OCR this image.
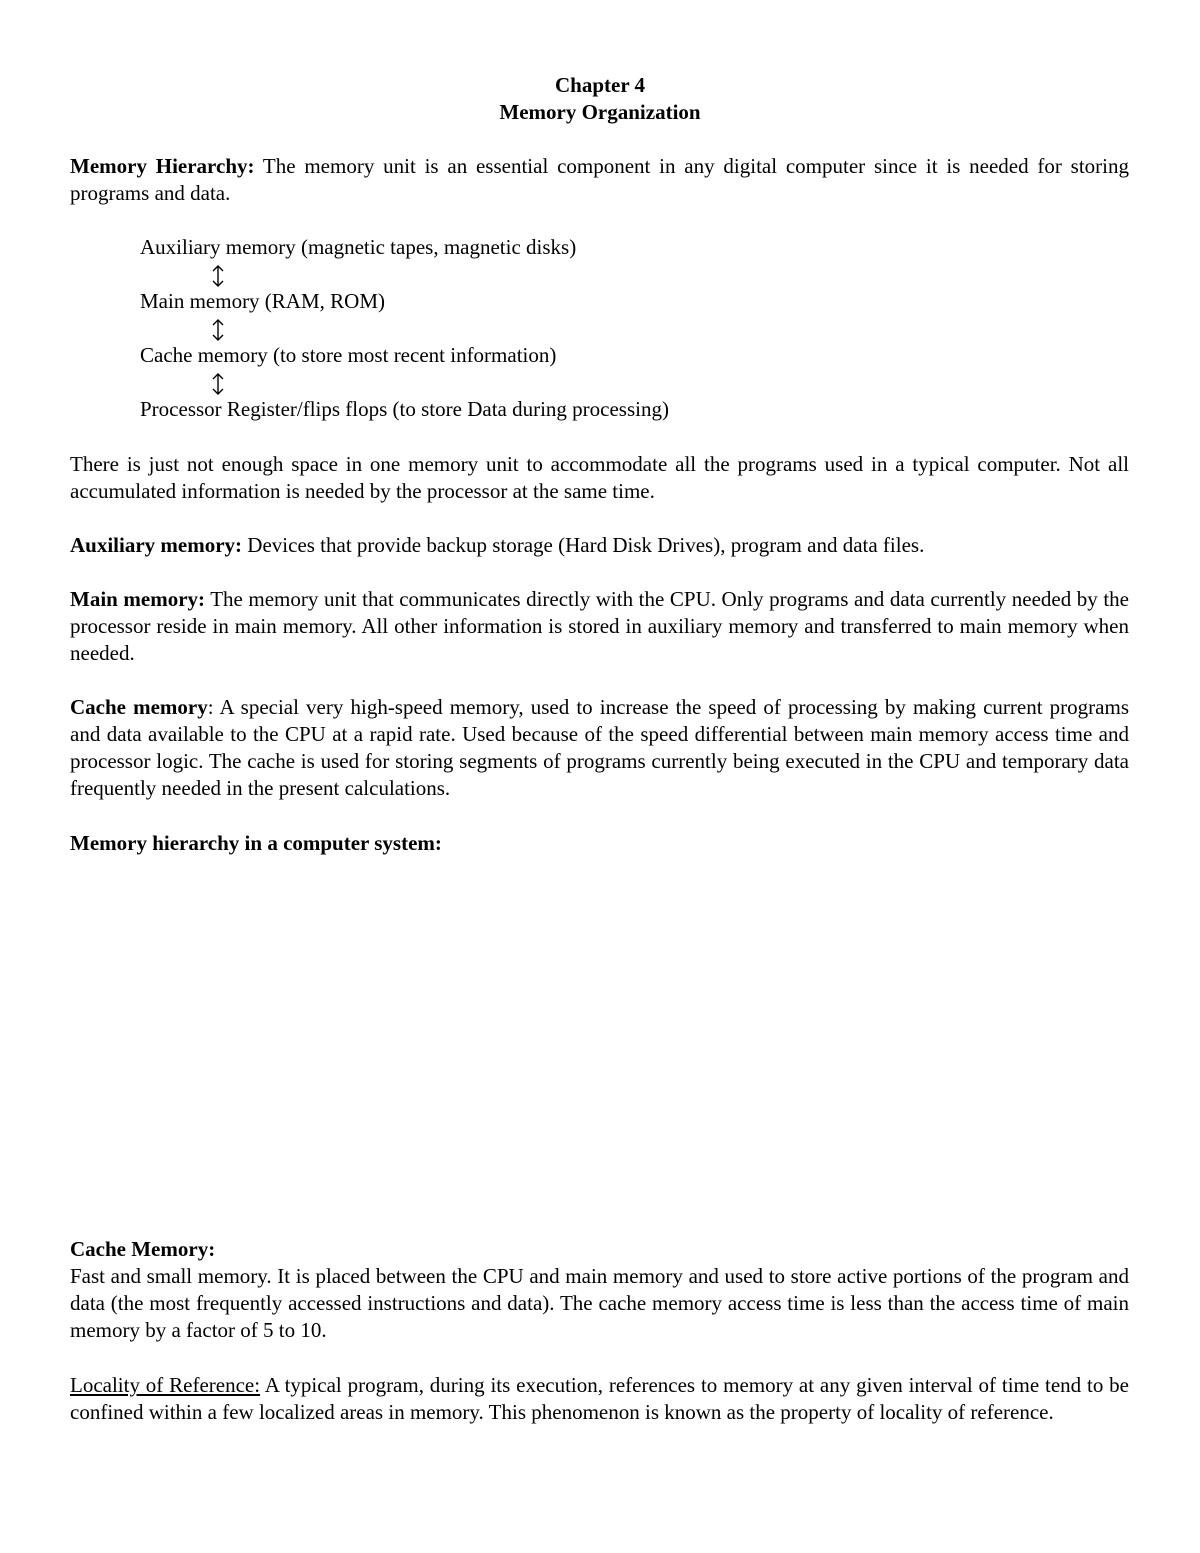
Chapter 4
Memory Organization
Memory Hierarchy: The memory unit is an essential component in any digital computer since it is needed for storing programs and data.
Auxiliary memory (magnetic tapes, magnetic disks)
Main memory (RAM, ROM)
Cache memory (to store most recent information)
Processor Register/flips flops (to store Data during processing)
There is just not enough space in one memory unit to accommodate all the programs used in a typical computer. Not all accumulated information is needed by the processor at the same time.
Auxiliary memory: Devices that provide backup storage (Hard Disk Drives), program and data files.
Main memory: The memory unit that communicates directly with the CPU. Only programs and data currently needed by the processor reside in main memory. All other information is stored in auxiliary memory and transferred to main memory when needed.
Cache memory: A special very high-speed memory, used to increase the speed of processing by making current programs and data available to the CPU at a rapid rate. Used because of the speed differential between main memory access time and processor logic. The cache is used for storing segments of programs currently being executed in the CPU and temporary data frequently needed in the present calculations.
Memory hierarchy in a computer system:
Cache Memory:
Fast and small memory. It is placed between the CPU and main memory and used to store active portions of the program and data (the most frequently accessed instructions and data). The cache memory access time is less than the access time of main memory by a factor of 5 to 10.
Locality of Reference: A typical program, during its execution, references to memory at any given interval of time tend to be confined within a few localized areas in memory. This phenomenon is known as the property of locality of reference.
